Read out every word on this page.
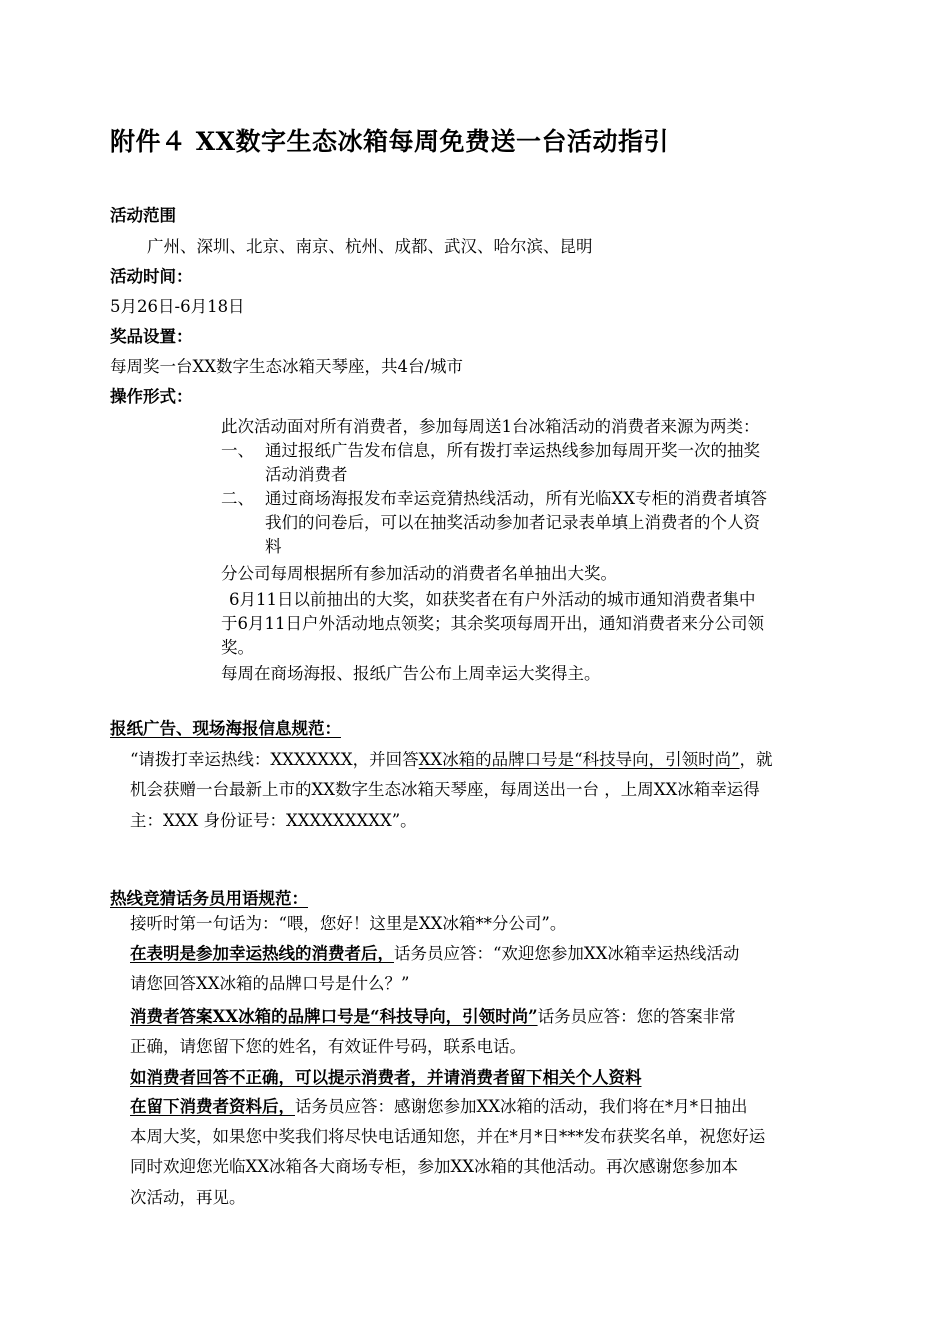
附件４ XX数字生态冰箱每周免费送一台活动指引
活动范围
广州、深圳、北京、南京、杭州、成都、武汉、哈尔滨、昆明
活动时间：
5月26日-6月18日
奖品设置：
每周奖一台XX数字生态冰箱天琴座，共4台/城市
操作形式：
此次活动面对所有消费者，参加每周送1台冰箱活动的消费者来源为两类：
一、 通过报纸广告发布信息，所有拨打幸运热线参加每周开奖一次的抽奖
活动消费者
二、 通过商场海报发布幸运竞猜热线活动，所有光临XX专柜的消费者填答
我们的问卷后，可以在抽奖活动参加者记录表单填上消费者的个人资
料
分公司每周根据所有参加活动的消费者名单抽出大奖。
6月11日以前抽出的大奖，如获奖者在有户外活动的城市通知消费者集中
于6月11日户外活动地点领奖；其余奖项每周开出，通知消费者来分公司领
奖。
每周在商场海报、报纸广告公布上周幸运大奖得主。
报纸广告、现场海报信息规范：
“请拨打幸运热线：XXXXXXX，并回答XX冰箱的品牌口号是“科技导向，引领时尚”，就
机会获赠一台最新上市的XX数字生态冰箱天琴座，每周送出一台 ，上周XX冰箱幸运得
主：XXX 身份证号：XXXXXXXXX”。
热线竞猜话务员用语规范：
接听时第一句话为：“喂，您好！这里是XX冰箱**分公司”。
在表明是参加幸运热线的消费者后，话务员应答：“欢迎您参加XX冰箱幸运热线活动
请您回答XX冰箱的品牌口号是什么？”
消费者答案XX冰箱的品牌口号是“科技导向，引领时尚”话务员应答：您的答案非常
正确，请您留下您的姓名，有效证件号码，联系电话。
如消费者回答不正确，可以提示消费者，并请消费者留下相关个人资料
在留下消费者资料后，话务员应答：感谢您参加XX冰箱的活动，我们将在*月*日抽出
本周大奖，如果您中奖我们将尽快电话通知您，并在*月*日***发布获奖名单，祝您好运
同时欢迎您光临XX冰箱各大商场专柜，参加XX冰箱的其他活动。再次感谢您参加本
次活动，再见。
